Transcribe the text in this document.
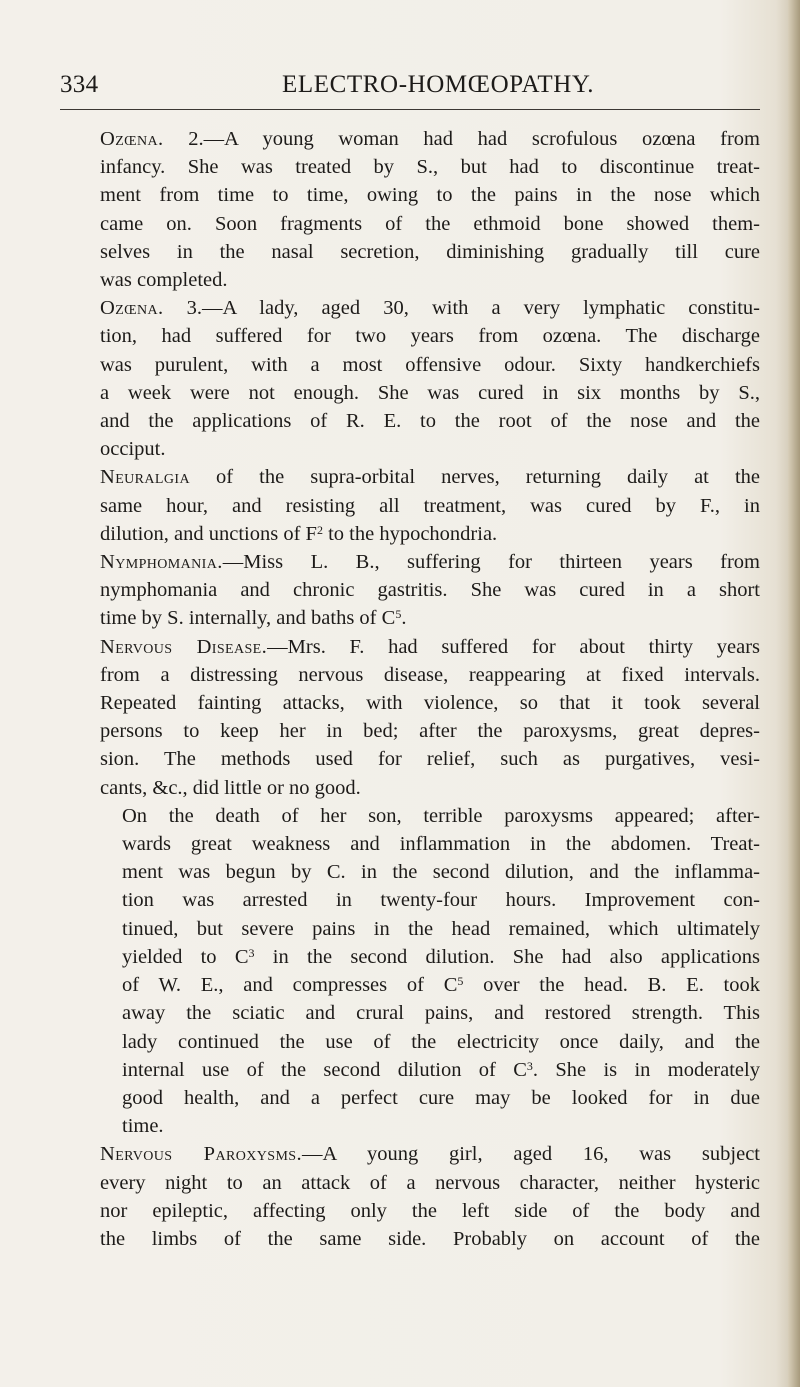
334	ELECTRO-HOMŒOPATHY.
Ozœna. 2.—A young woman had had scrofulous ozœna from
infancy. She was treated by S., but had to discontinue treat-
ment from time to time, owing to the pains in the nose which
came on. Soon fragments of the ethmoid bone showed them-
selves in the nasal secretion, diminishing gradually till cure
was completed.
Ozœna. 3.—A lady, aged 30, with a very lymphatic constitu-
tion, had suffered for two years from ozœna. The discharge
was purulent, with a most offensive odour. Sixty handkerchiefs
a week were not enough. She was cured in six months by S.,
and the applications of R. E. to the root of the nose and the
occiput.
Neuralgia of the supra-orbital nerves, returning daily at the
same hour, and resisting all treatment, was cured by F., in
dilution, and unctions of $F^2$ to the hypochondria.
Nymphomania.—Miss L. B., suffering for thirteen years from
nymphomania and chronic gastritis. She was cured in a short
time by S. internally, and baths of $C^5$.
Nervous Disease.—Mrs. F. had suffered for about thirty years
from a distressing nervous disease, reappearing at fixed intervals.
Repeated fainting attacks, with violence, so that it took several
persons to keep her in bed; after the paroxysms, great depres-
sion. The methods used for relief, such as purgatives, vesi-
cants, &c., did little or no good.
On the death of her son, terrible paroxysms appeared; after-
wards great weakness and inflammation in the abdomen. Treat-
ment was begun by C. in the second dilution, and the inflamma-
tion was arrested in twenty-four hours. Improvement con-
tinued, but severe pains in the head remained, which ultimately
yielded to $C^3$ in the second dilution. She had also applications
of W. E., and compresses of $C^5$ over the head. B. E. took
away the sciatic and crural pains, and restored strength. This
lady continued the use of the electricity once daily, and the
internal use of the second dilution of $C^3$. She is in moderately
good health, and a perfect cure may be looked for in due
time.
Nervous Paroxysms.—A young girl, aged 16, was subject
every night to an attack of a nervous character, neither hysteric
nor epileptic, affecting only the left side of the body and
the limbs of the same side. Probably on account of the
